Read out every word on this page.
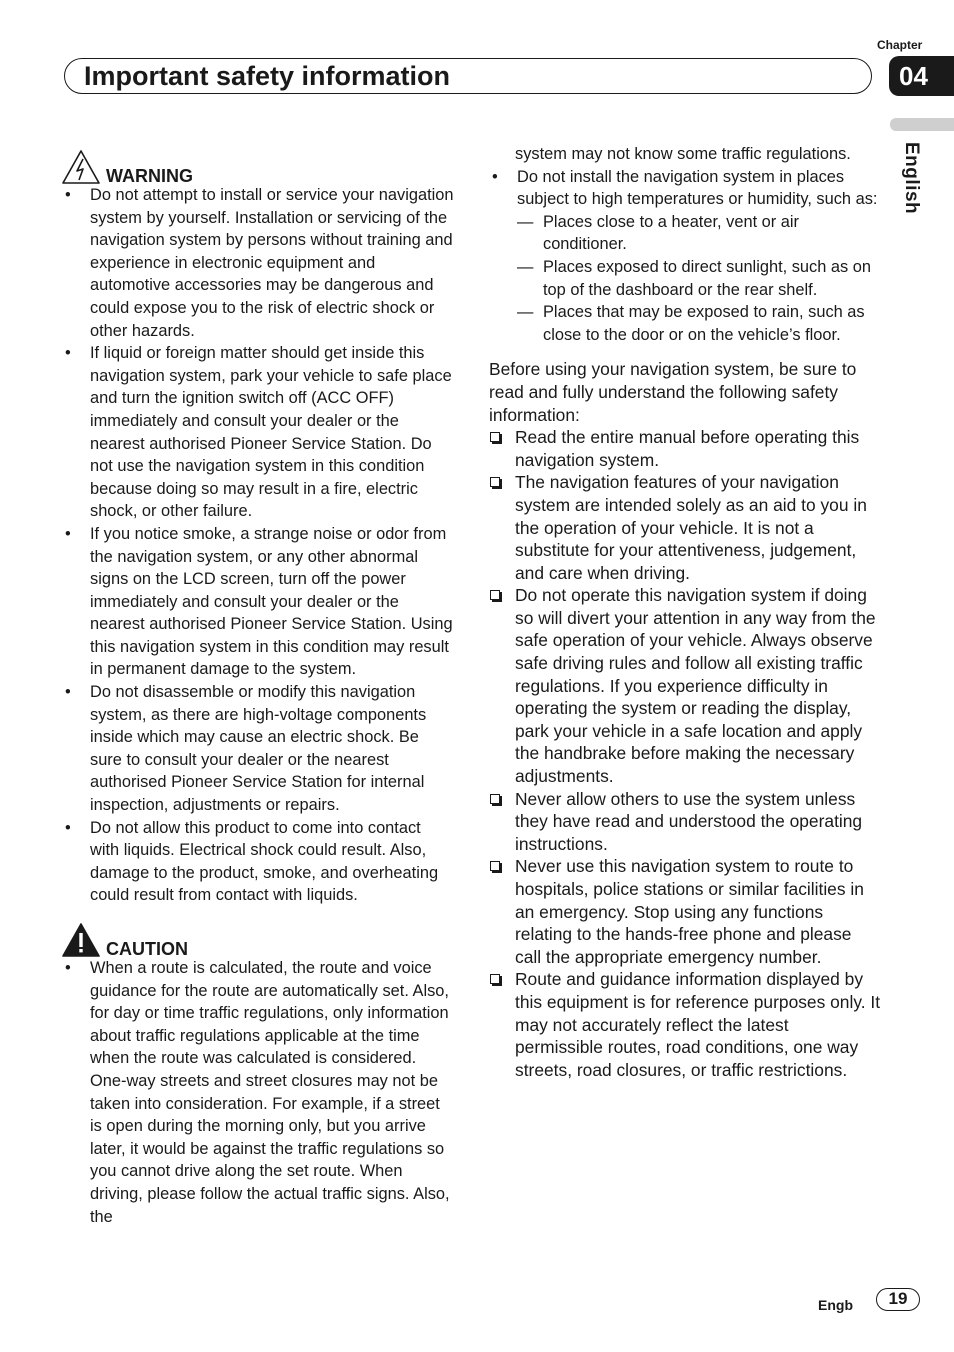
Important safety information
Chapter
04
English
WARNING
• Do not attempt to install or service your navigation system by yourself. Installation or servicing of the navigation system by persons without training and experience in electronic equipment and automotive accessories may be dangerous and could expose you to the risk of electric shock or other hazards.
• If liquid or foreign matter should get inside this navigation system, park your vehicle to safe place and turn the ignition switch off (ACC OFF) immediately and consult your dealer or the nearest authorised Pioneer Service Station. Do not use the navigation system in this condition because doing so may result in a fire, electric shock, or other failure.
• If you notice smoke, a strange noise or odor from the navigation system, or any other abnormal signs on the LCD screen, turn off the power immediately and consult your dealer or the nearest authorised Pioneer Service Station. Using this navigation system in this condition may result in permanent damage to the system.
• Do not disassemble or modify this navigation system, as there are high-voltage components inside which may cause an electric shock. Be sure to consult your dealer or the nearest authorised Pioneer Service Station for internal inspection, adjustments or repairs.
• Do not allow this product to come into contact with liquids. Electrical shock could result. Also, damage to the product, smoke, and overheating could result from contact with liquids.
CAUTION
• When a route is calculated, the route and voice guidance for the route are automatically set. Also, for day or time traffic regulations, only information about traffic regulations applicable at the time when the route was calculated is considered. One-way streets and street closures may not be taken into consideration. For example, if a street is open during the morning only, but you arrive later, it would be against the traffic regulations so you cannot drive along the set route. When driving, please follow the actual traffic signs. Also, the
system may not know some traffic regulations.
• Do not install the navigation system in places subject to high temperatures or humidity, such as:
— Places close to a heater, vent or air conditioner.
— Places exposed to direct sunlight, such as on top of the dashboard or the rear shelf.
— Places that may be exposed to rain, such as close to the door or on the vehicle’s floor.

Before using your navigation system, be sure to read and fully understand the following safety information:

Read the entire manual before operating this navigation system.
The navigation features of your navigation system are intended solely as an aid to you in the operation of your vehicle. It is not a substitute for your attentiveness, judgement, and care when driving.
Do not operate this navigation system if doing so will divert your attention in any way from the safe operation of your vehicle. Always observe safe driving rules and follow all existing traffic regulations. If you experience difficulty in operating the system or reading the display, park your vehicle in a safe location and apply the handbrake before making the necessary adjustments.
Never allow others to use the system unless they have read and understood the operating instructions.
Never use this navigation system to route to hospitals, police stations or similar facilities in an emergency. Stop using any functions relating to the hands-free phone and please call the appropriate emergency number.
Route and guidance information displayed by this equipment is for reference purposes only. It may not accurately reflect the latest permissible routes, road conditions, one way streets, road closures, or traffic restrictions.
Engb	19
